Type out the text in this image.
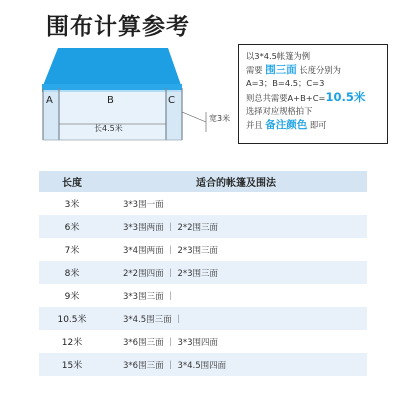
围布计算参考
A	B	C
长4.5米
宽3米
以3*4.5帐篷为例
需要 围三面 长度分别为
A=3；B=4.5；C=3
则总共需要A+B+C=10.5米
选择对应规格拍下
并且 备注颜色 即可
长度	适合的帐篷及围法
3米	3*3围一面
6米	3*3围两面 ｜ 2*2围三面
7米	3*4围两面 ｜ 2*3围三面
8米	2*2围四面 ｜ 2*3围三面
9米	3*3围三面 ｜
10.5米	3*4.5围三面 ｜
12米	3*6围三面 ｜ 3*3围四面
15米	3*6围三面 ｜ 3*4.5围四面
